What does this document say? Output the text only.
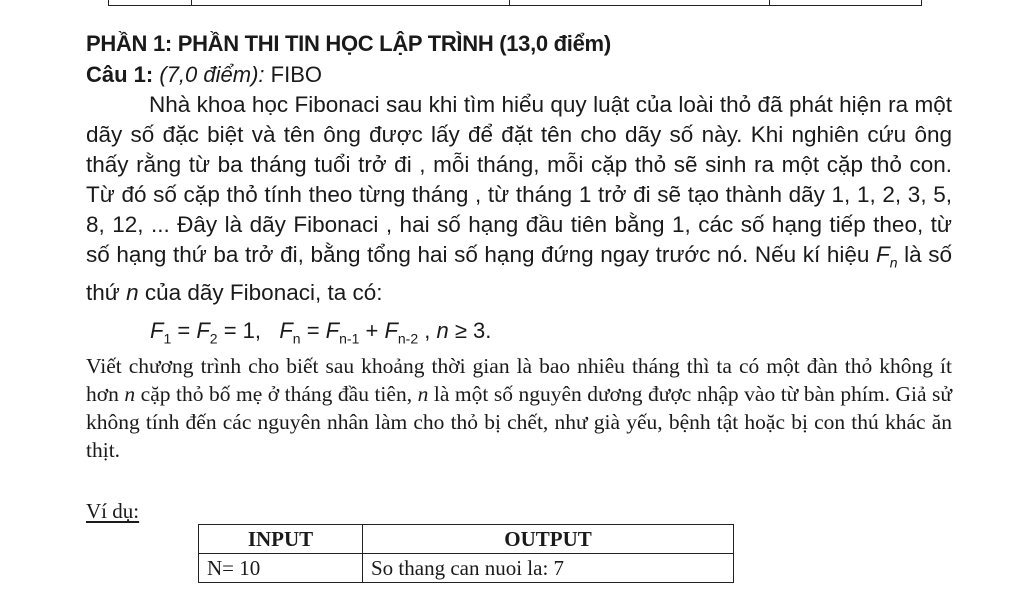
PHẦN 1: PHẦN THI TIN HỌC LẬP TRÌNH (13,0 điểm)
Câu 1: (7,0 điểm): FIBO
Nhà khoa học Fibonaci sau khi tìm hiểu quy luật của loài thỏ đã phát hiện ra một dãy số đặc biệt và tên ông được lấy để đặt tên cho dãy số này. Khi nghiên cứu ông thấy rằng từ ba tháng tuổi trở đi , mỗi tháng, mỗi cặp thỏ sẽ sinh ra một cặp thỏ con. Từ đó số cặp thỏ tính theo từng tháng , từ tháng 1 trở đi sẽ tạo thành dãy 1, 1, 2, 3, 5, 8, 12, ... Đây là dãy Fibonaci , hai số hạng đầu tiên bằng 1, các số hạng tiếp theo, từ số hạng thứ ba trở đi, bằng tổng hai số hạng đứng ngay trước nó. Nếu kí hiệu $F_n$ là số thứ n của dãy Fibonaci, ta có:
$F_1 = F_2 = 1$, $F_n = F_{n-1} + F_{n-2}$ , n ≥ 3.
Viết chương trình cho biết sau khoảng thời gian là bao nhiêu tháng thì ta có một đàn thỏ không ít hơn n cặp thỏ bố mẹ ở tháng đầu tiên, n là một số nguyên dương được nhập vào từ bàn phím. Giả sử không tính đến các nguyên nhân làm cho thỏ bị chết, như già yếu, bệnh tật hoặc bị con thú khác ăn thịt.
Ví dụ:
INPUT	OUTPUT
N= 10	So thang can nuoi la: 7
